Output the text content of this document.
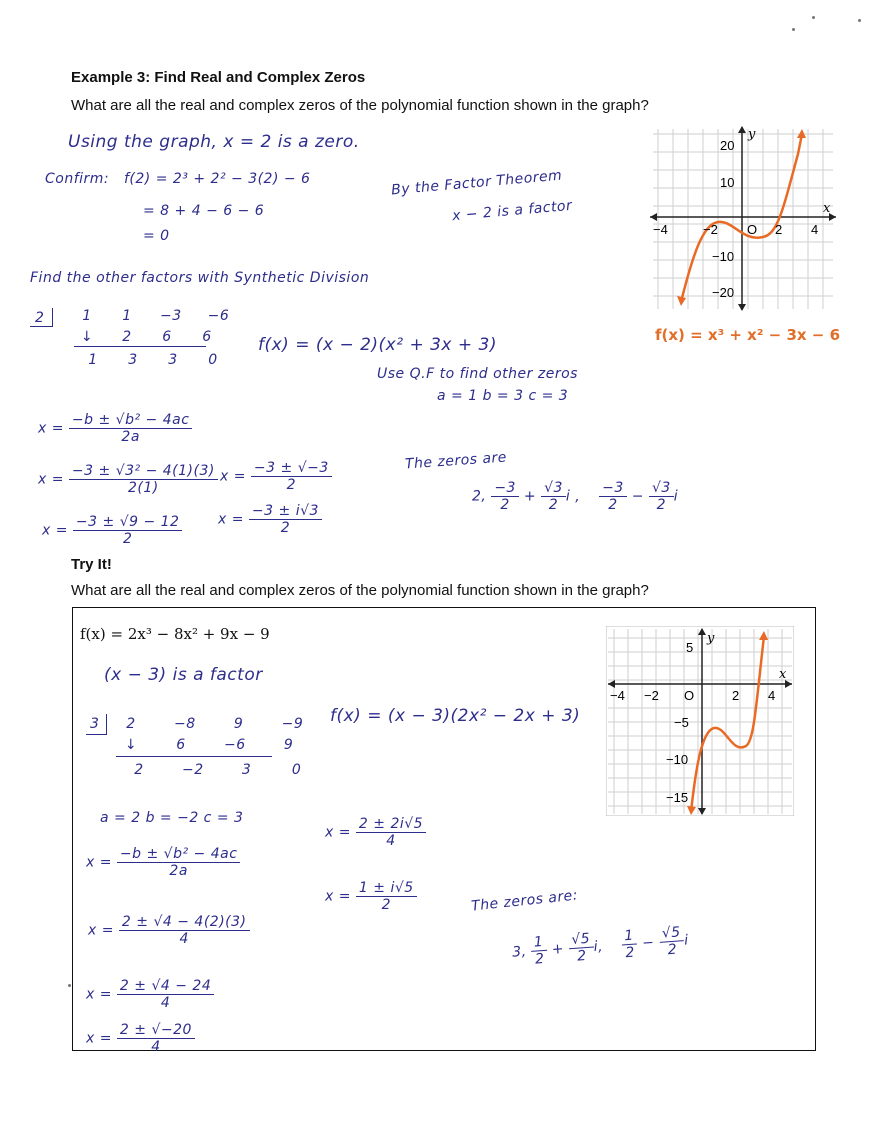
Example 3: Find Real and Complex Zeros
What are all the real and complex zeros of the polynomial function shown in the graph?
Using the graph, x = 2 is a zero.
Confirm: f(2) = 2³ + 2² − 3(2) − 6
= 8 + 4 − 6 − 6
= 0
By the Factor Theorem
x − 2 is a factor
Find the other factors with Synthetic Division
2	1 1 −3 −6
↓ 2 6 6
1 3 3 0
f(x) = (x − 2)(x² + 3x + 3)
Use Q.F to find other zeros
a = 1 b = 3 c = 3
$x = \frac{\text{−b ± √b² − 4ac}}{2a}$
$x = \frac{\text{−3 ± √3² − 4(1)(3)}}{2(1)}$
$x = \frac{-3 \pm √9 - 12}{2}$
$x = \frac{-3 \pm √-3}{2}$
$x = \frac{-3 \pm i√3}{2}$
The zeros are
2, $\frac{-3}{2} + \frac{√3}{2}$ i , $\frac{-3}{2} - \frac{√3}{2}$ i
y
x
20
10
−10
−20
−4	−2 O 2 4
f(x) = x³ + x² − 3x − 6
Try It!
What are all the real and complex zeros of the polynomial function shown in the graph?
f(x) = 2x³ − 8x² + 9x − 9
(x − 3) is a factor
3 2	−8	9	−9
↓	6	−6	9
2	−2	3	0
f(x) = (x − 3)(2x² − 2x + 3)
a = 2 b = −2 c = 3
$x = \frac{\text{−b ± √b² − 4ac}}{2a}$
$x = \frac{2 \pm √4 - 4(2)(3)}{4}$
$x = \frac{2 \pm √4 - 24}{4}$
$x = \frac{2 \pm √-20}{4}$
$x = \frac{2 \pm 2i√5}{4}$
$x = \frac{1 \pm i√5}{2}$	The zeros are:
3, $\frac{1}{2} + \frac{√5}{2}$
i, $\frac{1}{2} - \frac{√5}{2}$
i
y
x
5
−5
−10
−15
−4 −2 O	2 4
